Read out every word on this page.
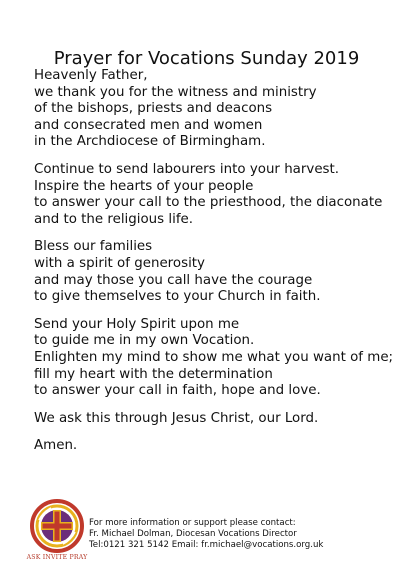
Prayer for Vocations Sunday 2019
Heavenly Father,
we thank you for the witness and ministry
of the bishops, priests and deacons
and consecrated men and women
in the Archdiocese of Birmingham.
Continue to send labourers into your harvest.
Inspire the hearts of your people
to answer your call to the priesthood, the diaconate
and to the religious life.
Bless our families
with a spirit of generosity
and may those you call have the courage
to give themselves to your Church in faith.
Send your Holy Spirit upon me
to guide me in my own Vocation.
Enlighten my mind to show me what you want of me;
fill my heart with the determination
to answer your call in faith, hope and love.
We ask this through Jesus Christ, our Lord.
Amen.
ASK INVITE PRAY
For more information or support please contact:
Fr. Michael Dolman, Diocesan Vocations Director
Tel:0121 321 5142 Email: fr.michael@vocations.org.uk
